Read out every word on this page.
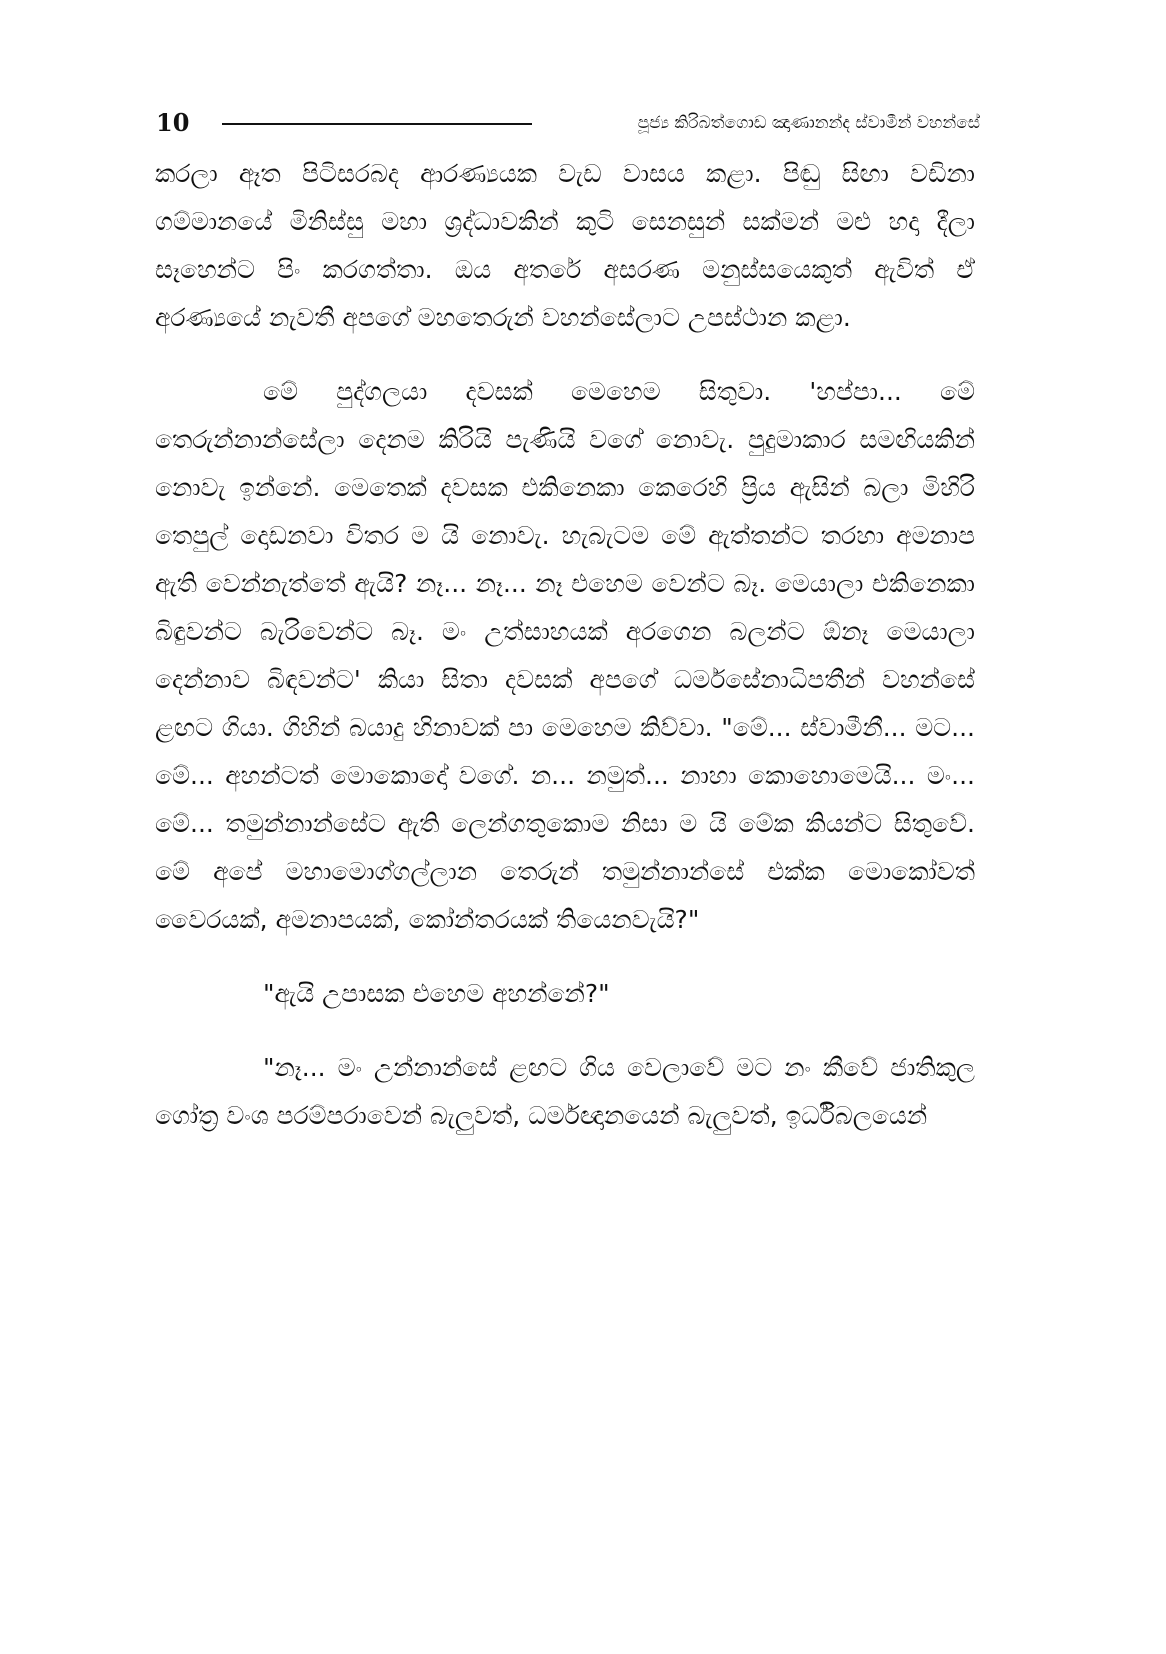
10	පූජ්‍ය කිරිබත්ගොඩ ඤාණානන්ද ස්වාමීන් වහන්සේ

කරලා ඈත පිටිසරබද ආරණ්‍යයක වැඩ වාසය කළා. පිඬු සිඟා වඩිනා ගම්මානයේ මිනිස්සු මහා ශ්‍රද්ධාවකින් කුටි සෙනසුන් සක්මන් මළු හදා දීලා සෑහෙන්ට පිං කරගත්තා. ඔය අතරේ අසරණ මනුස්සයෙකුත් ඇවිත් ඒ අරණ්‍යයේ නැවතී අපගේ මහතෙරුන් වහන්සේලාට උපස්ථාන කළා.

මේ පුද්ගලයා දවසක් මෙහෙම සිතුවා. 'හප්පා... මේ තෙරුන්නාන්සේලා දෙනම කිරියි පැණියි වගේ නොවැ. පුදුමාකාර සමඟියකින් නොවැ ඉන්නේ. මෙතෙක් දවසක එකිනෙකා කෙරෙහි ප්‍රිය ඇසින් බලා මිහිරි තෙපුල් දොඩනවා විතර ම යි නොවැ. හැබැටම මේ ඇත්තන්ට තරහා අමනාප ඇති වෙන්නැත්තේ ඇයි? නෑ... නෑ... නෑ එහෙම වෙන්ට බෑ. මෙයාලා එකිනෙකා බිඳුවන්ට බැරිවෙන්ට බෑ. මං උත්සාහයක් අරගෙන බලන්ට ඕනෑ මෙයාලා දෙන්නාව බිඳවන්ට' කියා සිතා දවසක් අපගේ ධර්මසේනාධිපතීන් වහන්සේ ළඟට ගියා. ගිහින් බයාදු හිනාවක් පා මෙහෙම කිව්වා. "මේ... ස්වාමීනී... මට... මේ... අහන්ටත් මොකොදෝ වගේ. න... නමුත්... නාහා කොහොමෙයි... මං... මේ... තමුන්නාන්සේට ඇති ලෙන්ගතුකොම නිසා ම යි මේක කියන්ට සිතුවේ. මේ අපේ මහාමොග්ගල්ලාන තෙරුන් තමුන්නාන්සේ එක්ක මොකෝවත් වෛරයක්, අමනාපයක්, කෝන්තරයක් තියෙනවැයි?"

"ඇයි උපාසක එහෙම අහන්නේ?"

"නෑ... මං උන්නාන්සේ ළඟට ගිය වෙලාවේ මට නං කීවේ ජාතිකුල ගෝත්‍ර වංශ පරම්පරාවෙන් බැලුවත්, ධර්මඥානයෙන් බැලුවත්, ඉර්ධිබලයෙන්
